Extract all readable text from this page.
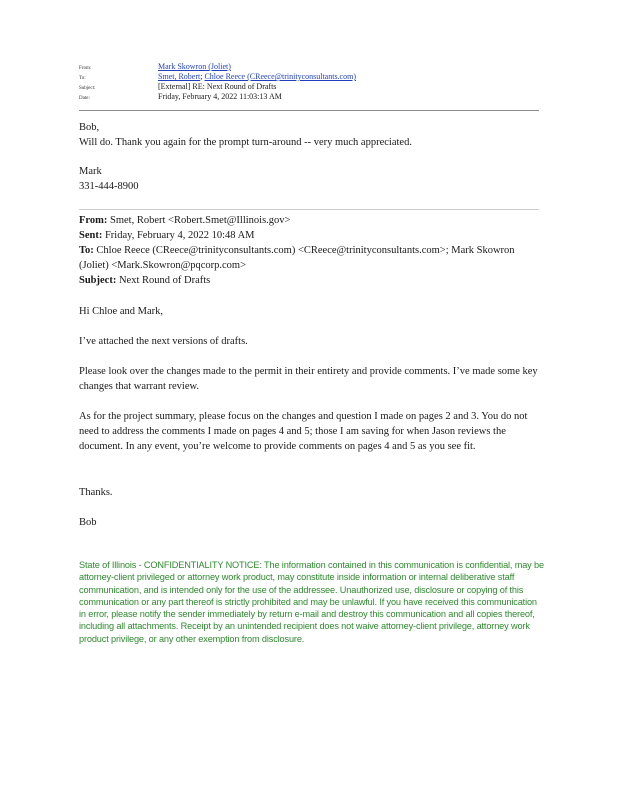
From:	Mark Skowron (Joliet)
To:	Smet, Robert; Chloe Reece (CReece@trinityconsultants.com)
Subject:	[External] RE: Next Round of Drafts
Date:	Friday, February 4, 2022 11:03:13 AM

Bob,

Will do. Thank you again for the prompt turn-around -- very much appreciated.

Mark

331-444-8900

From: Smet, Robert <Robert.Smet@Illinois.gov>

Sent: Friday, February 4, 2022 10:48 AM

To: Chloe Reece (CReece@trinityconsultants.com) <CReece@trinityconsultants.com>; Mark Skowron (Joliet) <Mark.Skowron@pqcorp.com>

Subject: Next Round of Drafts

Hi Chloe and Mark,

I’ve attached the next versions of drafts.

Please look over the changes made to the permit in their entirety and provide comments. I’ve made some key changes that warrant review.

As for the project summary, please focus on the changes and question I made on pages 2 and 3. You do not need to address the comments I made on pages 4 and 5; those I am saving for when Jason reviews the document. In any event, you’re welcome to provide comments on pages 4 and 5 as you see fit.

Thanks.

Bob

State of Illinois - CONFIDENTIALITY NOTICE: The information contained in this communication is confidential, may be attorney-client privileged or attorney work product, may constitute inside information or internal deliberative staff communication, and is intended only for the use of the addressee. Unauthorized use, disclosure or copying of this communication or any part thereof is strictly prohibited and may be unlawful. If you have received this communication in error, please notify the sender immediately by return e-mail and destroy this communication and all copies thereof, including all attachments. Receipt by an unintended recipient does not waive attorney-client privilege, attorney work product privilege, or any other exemption from disclosure.
